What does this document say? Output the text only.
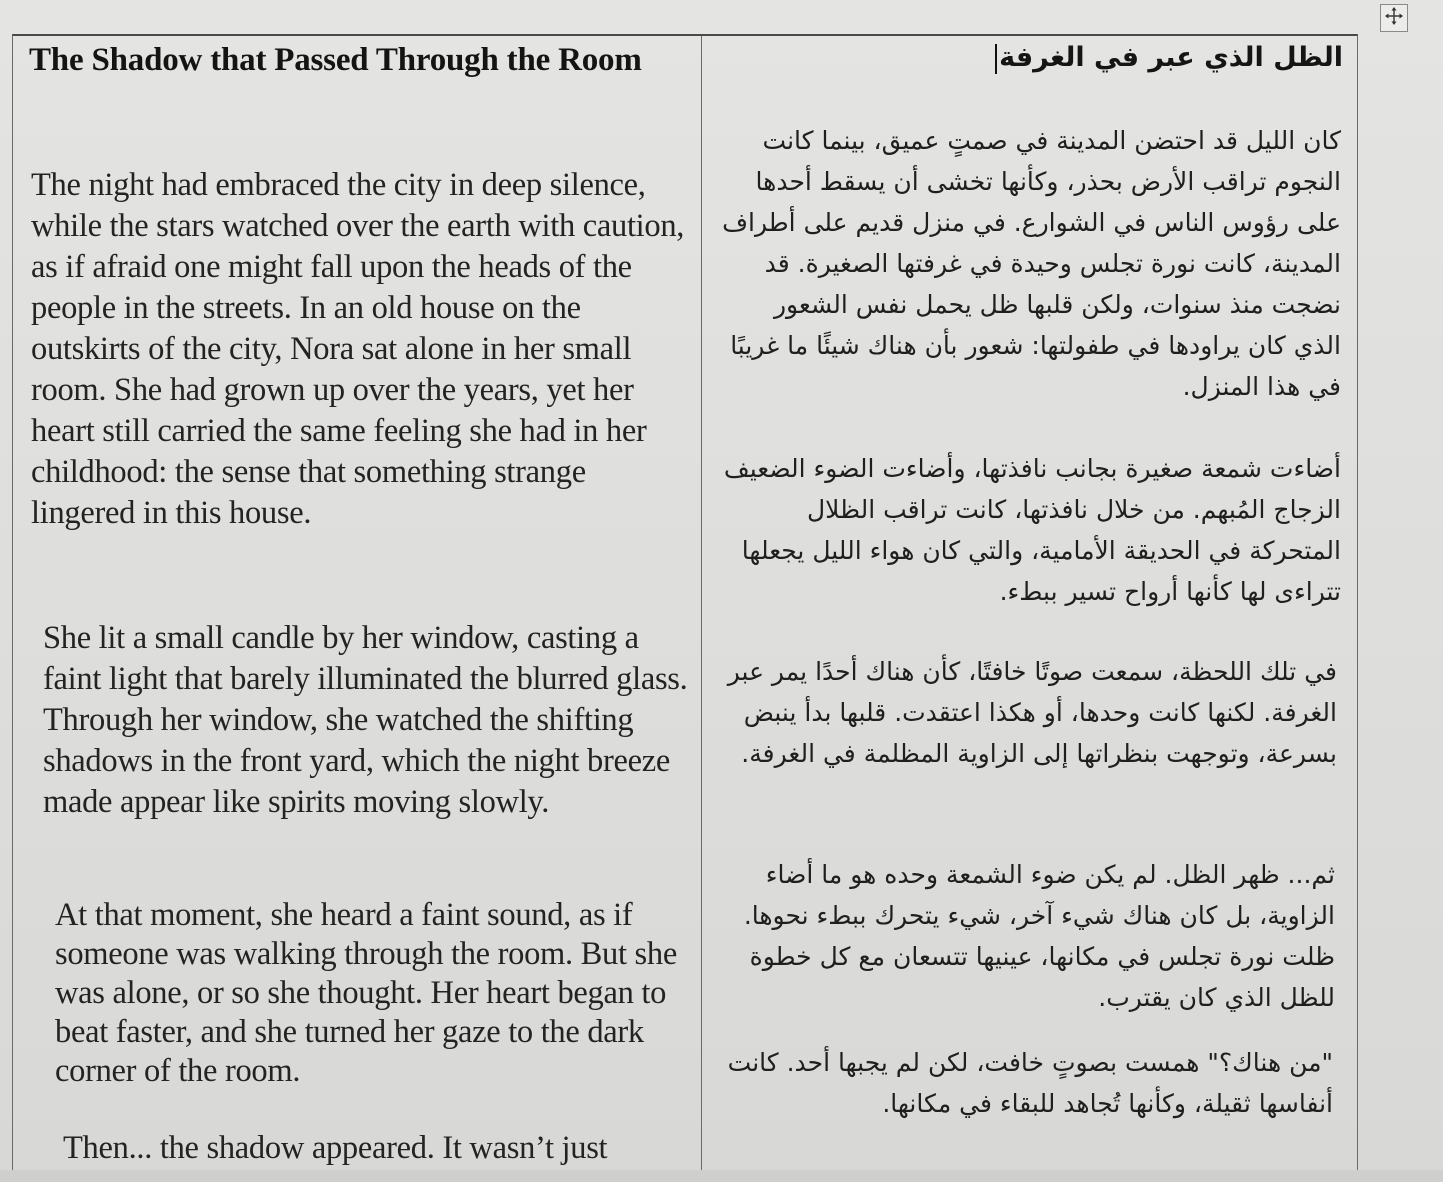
The Shadow that Passed Through the Room

The night had embraced the city in deep silence, while the stars watched over the earth with caution, as if afraid one might fall upon the heads of the people in the streets. In an old house on the outskirts of the city, Nora sat alone in her small room. She had grown up over the years, yet her heart still carried the same feeling she had in her childhood: the sense that something strange lingered in this house.

She lit a small candle by her window, casting a faint light that barely illuminated the blurred glass. Through her window, she watched the shifting shadows in the front yard, which the night breeze made appear like spirits moving slowly.

At that moment, she heard a faint sound, as if someone was walking through the room. But she was alone, or so she thought. Her heart began to beat faster, and she turned her gaze to the dark corner of the room.

Then... the shadow appeared. It wasn’t just

الظل الذي عبر في الغرفة

كان الليل قد احتضن المدينة في صمتٍ عميق، بينما كانت النجوم تراقب الأرض بحذر، وكأنها تخشى أن يسقط أحدها على رؤوس الناس في الشوارع. في منزل قديم على أطراف المدينة، كانت نورة تجلس وحيدة في غرفتها الصغيرة. قد نضجت منذ سنوات، ولكن قلبها ظل يحمل نفس الشعور الذي كان يراودها في طفولتها: شعور بأن هناك شيئًا ما غريبًا في هذا المنزل.

أضاءت شمعة صغيرة بجانب نافذتها، وأضاءت الضوء الضعيف الزجاج المُبهم. من خلال نافذتها، كانت تراقب الظلال المتحركة في الحديقة الأمامية، والتي كان هواء الليل يجعلها تتراءى لها كأنها أرواح تسير ببطء.

في تلك اللحظة، سمعت صوتًا خافتًا، كأن هناك أحدًا يمر عبر الغرفة. لكنها كانت وحدها، أو هكذا اعتقدت. قلبها بدأ ينبض بسرعة، وتوجهت بنظراتها إلى الزاوية المظلمة في الغرفة.

ثم... ظهر الظل. لم يكن ضوء الشمعة وحده هو ما أضاء الزاوية، بل كان هناك شيء آخر، شيء يتحرك ببطء نحوها. ظلت نورة تجلس في مكانها، عينيها تتسعان مع كل خطوة للظل الذي كان يقترب.

"من هناك؟" همست بصوتٍ خافت، لكن لم يجبها أحد. كانت أنفاسها ثقيلة، وكأنها تُجاهد للبقاء في مكانها.
